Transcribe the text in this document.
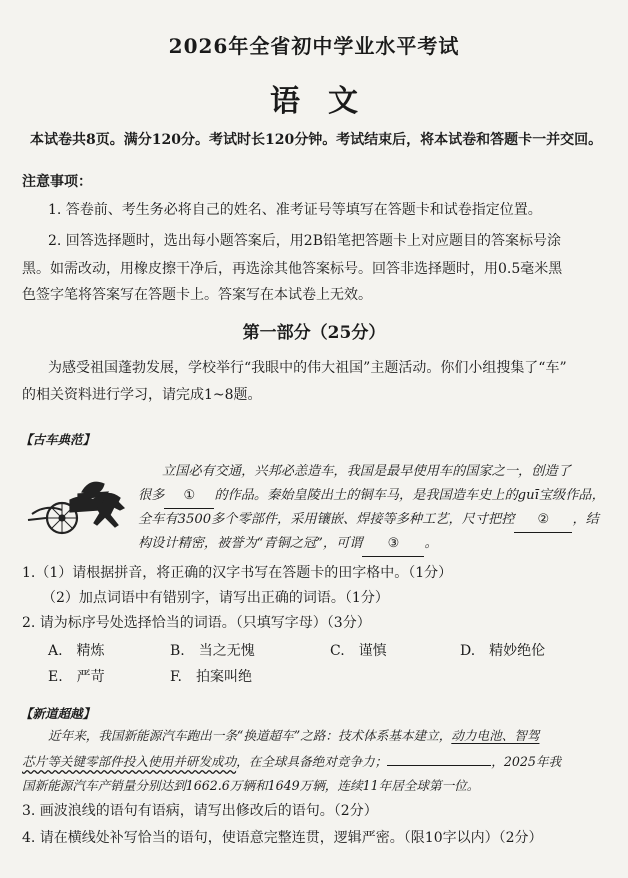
2026年全省初中学业水平考试
语文
本试卷共8页。满分120分。考试时长120分钟。考试结束后，将本试卷和答题卡一并交回。
注意事项：
1. 答卷前、考生务必将自己的姓名、准考证号等填写在答题卡和试卷指定位置。
2. 回答选择题时，选出每小题答案后，用2B铅笔把答题卡上对应题目的答案标号涂
黑。如需改动，用橡皮擦干净后，再选涂其他答案标号。回答非选择题时，用0.5毫米黑
色签字笔将答案写在答题卡上。答案写在本试卷上无效。
第一部分（25分）
为感受祖国蓬勃发展，学校举行“我眼中的伟大祖国”主题活动。你们小组搜集了“车”
的相关资料进行学习，请完成1~8题。
【古车典范】
立国必有交通，兴邦必恙造车，我国是最早使用车的国家之一，创造了
很多 ① 的作品。秦始皇陵出土的铜车马，是我国造车史上的guī宝级作品，
全车有3500多个零部件，采用镶嵌、焊接等多种工艺，尺寸把控 ② ，结
构设计精密，被誉为“青铜之冠”，可谓 ③ 。
1.（1）请根据拼音，将正确的汉字书写在答题卡的田字格中。（1分）
（2）加点词语中有错别字，请写出正确的词语。（1分）
2. 请为标序号处选择恰当的词语。（只填写字母）（3分）
A.　精炼	B.　当之无愧	C.　谨慎	D.　精妙绝伦
E.　严苛	F.　拍案叫绝
【新道超越】
近年来，我国新能源汽车跑出一条“换道超车”之路：技术体系基本建立，动力电池、智驾
芯片等关键零部件投入使用并研发成功，在全球具备绝对竞争力；	，2025年我
国新能源汽车产销量分别达到1662.6万辆和1649万辆，连续11年居全球第一位。
3. 画波浪线的语句有语病，请写出修改后的语句。（2分）
4. 请在横线处补写恰当的语句，使语意完整连贯，逻辑严密。（限10字以内）（2分）
